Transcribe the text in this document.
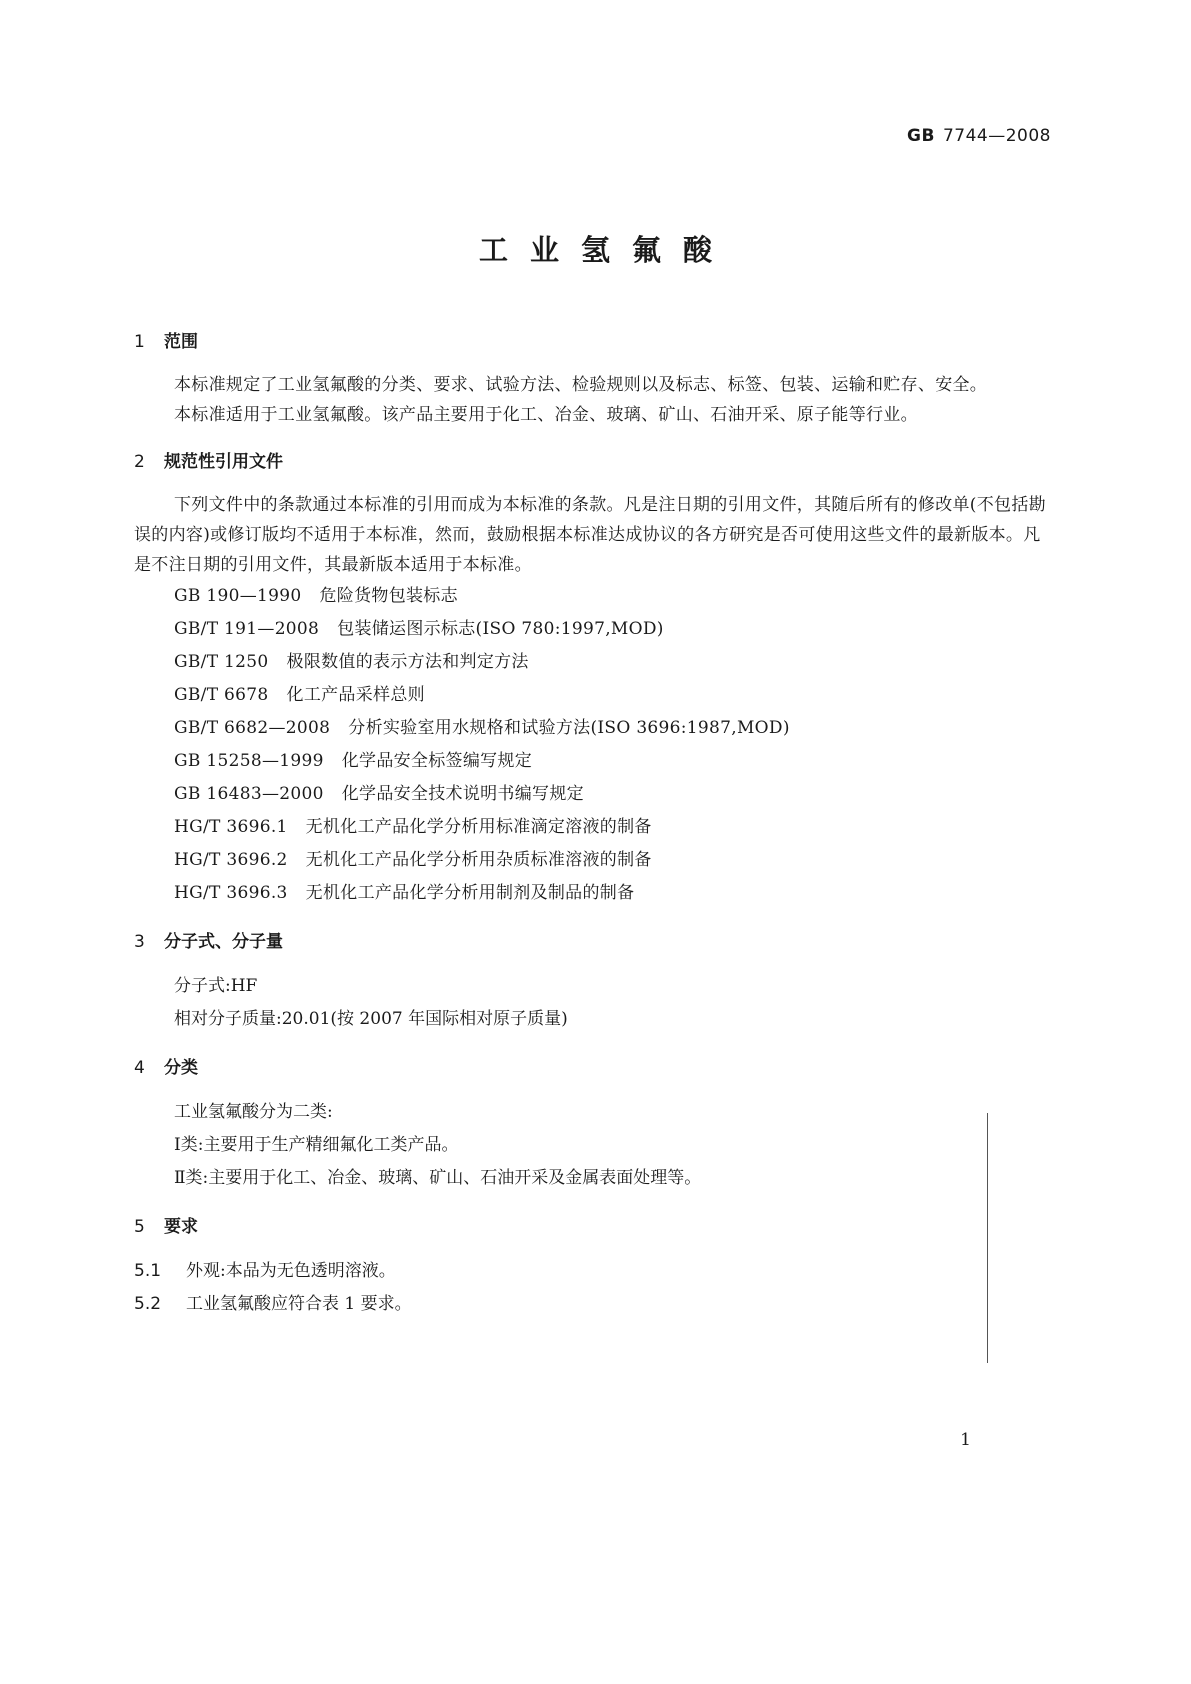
GB 7744—2008
工业氢氟酸
1 范围

本标准规定了工业氢氟酸的分类、要求、试验方法、检验规则以及标志、标签、包装、运输和贮存、安全。

本标准适用于工业氢氟酸。该产品主要用于化工、冶金、玻璃、矿山、石油开采、原子能等行业。

2 规范性引用文件

下列文件中的条款通过本标准的引用而成为本标准的条款。凡是注日期的引用文件，其随后所有的修改单(不包括勘误的内容)或修订版均不适用于本标准，然而，鼓励根据本标准达成协议的各方研究是否可使用这些文件的最新版本。凡是不注日期的引用文件，其最新版本适用于本标准。

GB 190—1990 危险货物包装标志

GB/T 191—2008 包装储运图示标志(ISO 780:1997,MOD)

GB/T 1250 极限数值的表示方法和判定方法

GB/T 6678 化工产品采样总则

GB/T 6682—2008 分析实验室用水规格和试验方法(ISO 3696:1987,MOD)

GB 15258—1999 化学品安全标签编写规定

GB 16483—2000 化学品安全技术说明书编写规定

HG/T 3696.1 无机化工产品化学分析用标准滴定溶液的制备

HG/T 3696.2 无机化工产品化学分析用杂质标准溶液的制备

HG/T 3696.3 无机化工产品化学分析用制剂及制品的制备

3 分子式、分子量

分子式:HF

相对分子质量:20.01(按 2007 年国际相对原子质量)

4 分类

工业氢氟酸分为二类:

Ⅰ类:主要用于生产精细氟化工类产品。

Ⅱ类:主要用于化工、冶金、玻璃、矿山、石油开采及金属表面处理等。

5 要求

5.1 外观:本品为无色透明溶液。

5.2 工业氢氟酸应符合表 1 要求。

1
